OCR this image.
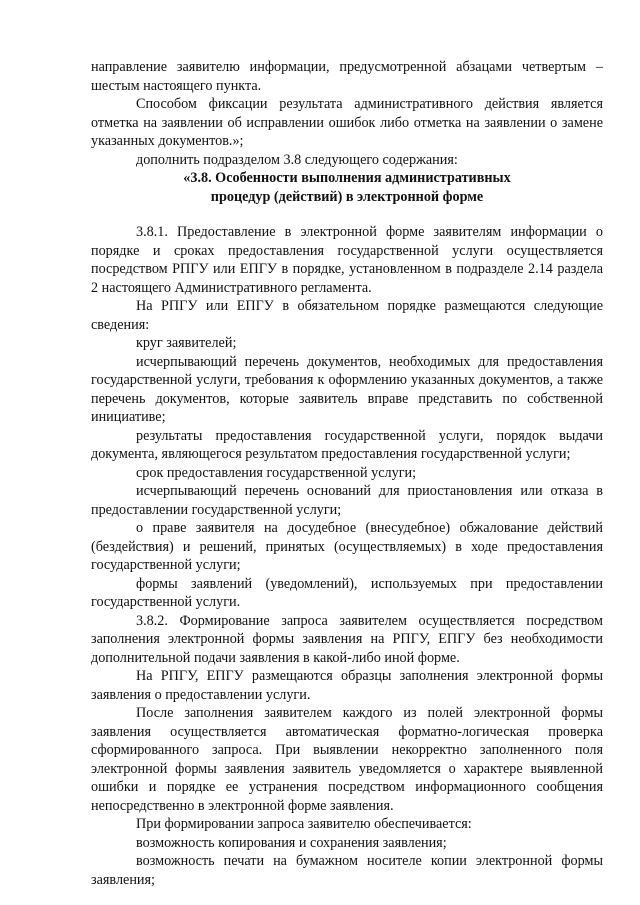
направление заявителю информации, предусмотренной абзацами четвертым – шестым настоящего пункта.

Способом фиксации результата административного действия является отметка на заявлении об исправлении ошибок либо отметка на заявлении о замене указанных документов.»;

дополнить подразделом 3.8 следующего содержания:

«3.8. Особенности выполнения административных

процедур (действий) в электронной форме

3.8.1. Предоставление в электронной форме заявителям информации о порядке и сроках предоставления государственной услуги осуществляется посредством РПГУ или ЕПГУ в порядке, установленном в подразделе 2.14 раздела 2 настоящего Административного регламента.

На РПГУ или ЕПГУ в обязательном порядке размещаются следующие сведения:

круг заявителей;

исчерпывающий перечень документов, необходимых для предоставления государственной услуги, требования к оформлению указанных документов, а также перечень документов, которые заявитель вправе представить по собственной инициативе;

результаты предоставления государственной услуги, порядок выдачи документа, являющегося результатом предоставления государственной услуги;

срок предоставления государственной услуги;

исчерпывающий перечень оснований для приостановления или отказа в предоставлении государственной услуги;

о праве заявителя на досудебное (внесудебное) обжалование действий (бездействия) и решений, принятых (осуществляемых) в ходе предоставления государственной услуги;

формы заявлений (уведомлений), используемых при предоставлении государственной услуги.

3.8.2. Формирование запроса заявителем осуществляется посредством заполнения электронной формы заявления на РПГУ, ЕПГУ без необходимости дополнительной подачи заявления в какой-либо иной форме.

На РПГУ, ЕПГУ размещаются образцы заполнения электронной формы заявления о предоставлении услуги.

После заполнения заявителем каждого из полей электронной формы заявления осуществляется автоматическая форматно-логическая проверка сформированного запроса. При выявлении некорректно заполненного поля электронной формы заявления заявитель уведомляется о характере выявленной ошибки и порядке ее устранения посредством информационного сообщения непосредственно в электронной форме заявления.

При формировании запроса заявителю обеспечивается:

возможность копирования и сохранения заявления;

возможность печати на бумажном носителе копии электронной формы заявления;
